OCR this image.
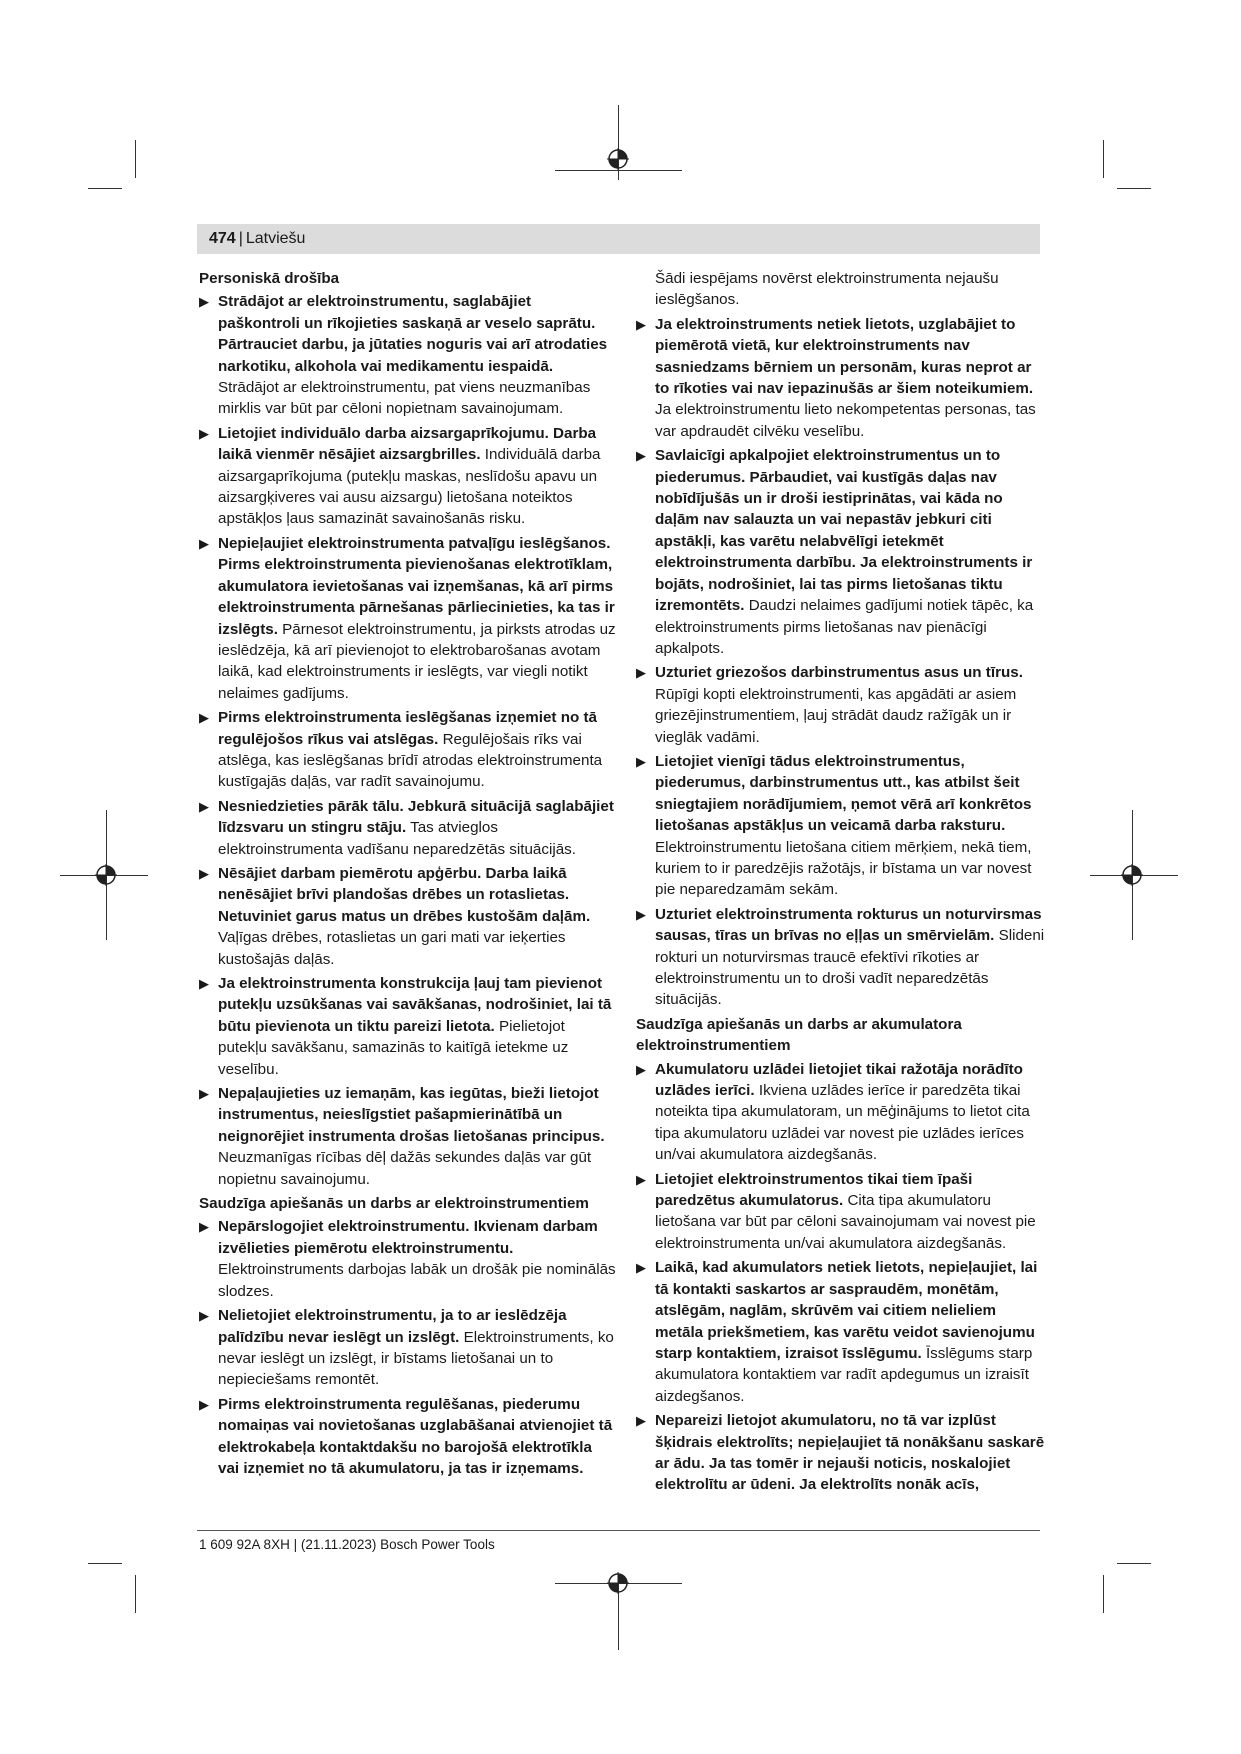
474 | Latviešu
Personiskā drošība
▶ Strādājot ar elektroinstrumentu, saglabājiet paškontroli un rīkojieties saskaņā ar veselo saprātu. Pārtrauciet darbu, ja jūtaties noguris vai arī atrodaties narkotiku, alkohola vai medikamentu iespaidā. Strādājot ar elektroinstrumentu, pat viens neuzmanības mirklis var būt par cēloni nopietnam savainojumam.
▶ Lietojiet individuālo darba aizsargaprīkojumu. Darba laikā vienmēr nēsājiet aizsargbrilles. Individuālā darba aizsargaprīkojuma (putekļu maskas, neslīdošu apavu un aizsargķiveres vai ausu aizsargu) lietošana noteiktos apstākļos ļaus samazināt savainošanās risku.
▶ Nepieļaujiet elektroinstrumenta patvaļīgu ieslēgšanos. Pirms elektroinstrumenta pievienošanas elektrotīklam, akumulatora ievietošanas vai izņemšanas, kā arī pirms elektroinstrumenta pārnešanas pārliecinieties, ka tas ir izslēgts. Pārnesot elektroinstrumentu, ja pirksts atrodas uz ieslēdzēja, kā arī pievienojot to elektrobarošanas avotam laikā, kad elektroinstruments ir ieslēgts, var viegli notikt nelaimes gadījums.
▶ Pirms elektroinstrumenta ieslēgšanas izņemiet no tā regulējošos rīkus vai atslēgas. Regulējošais rīks vai atslēga, kas ieslēgšanas brīdī atrodas elektroinstrumenta kustīgajās daļās, var radīt savainojumu.
▶ Nesniedzieties pārāk tālu. Jebkurā situācijā saglabājiet līdzsvaru un stingru stāju. Tas atvieglos elektroinstrumenta vadīšanu neparedzētās situācijās.
▶ Nēsājiet darbam piemērotu apģērbu. Darba laikā nenēsājiet brīvi plandošas drēbes un rotaslietas. Netuviniet garus matus un drēbes kustošām daļām. Vaļīgas drēbes, rotaslietas un gari mati var ieķerties kustošajās daļās.
▶ Ja elektroinstrumenta konstrukcija ļauj tam pievienot putekļu uzsūkšanas vai savākšanas, nodrošiniet, lai tā būtu pievienota un tiktu pareizi lietota. Pielietojot putekļu savākšanu, samazinās to kaitīgā ietekme uz veselību.
▶ Nepaļaujieties uz iemaņām, kas iegūtas, bieži lietojot instrumentus, neieslīgstiet pašapmierinātībā un neignorējiet instrumenta drošas lietošanas principus. Neuzmanīgas rīcības dēļ dažās sekundes daļās var gūt nopietnu savainojumu.
Saudzīga apiešanās un darbs ar elektroinstrumentiem
▶ Nepārslogojiet elektroinstrumentu. Ikvienam darbam izvēlieties piemērotu elektroinstrumentu. Elektroinstruments darbojas labāk un drošāk pie nominālās slodzes.
▶ Nelietojiet elektroinstrumentu, ja to ar ieslēdzēja palīdzību nevar ieslēgt un izslēgt. Elektroinstruments, ko nevar ieslēgt un izslēgt, ir bīstams lietošanai un to nepieciešams remontēt.
▶ Pirms elektroinstrumenta regulēšanas, piederumu nomaiņas vai novietošanas uzglabāšanai atvienojiet tā elektrokabeļa kontaktdakšu no barojošā elektrotīkla vai izņemiet no tā akumulatoru, ja tas ir izņemams.
Šādi iespējams novērst elektroinstrumenta nejaušu ieslēgšanos.
▶ Ja elektroinstruments netiek lietots, uzglabājiet to piemērotā vietā, kur elektroinstruments nav sasniedzams bērniem un personām, kuras neprot ar to rīkoties vai nav iepazinušās ar šiem noteikumiem. Ja elektroinstrumentu lieto nekompetentas personas, tas var apdraudēt cilvēku veselību.
▶ Savlaicīgi apkalpojiet elektroinstrumentus un to piederumus. Pārbaudiet, vai kustīgās daļas nav nobīdījušās un ir droši iestiprinātas, vai kāda no daļām nav salauzta un vai nepastāv jebkuri citi apstākļi, kas varētu nelabvēlīgi ietekmēt elektroinstrumenta darbību. Ja elektroinstruments ir bojāts, nodrošiniet, lai tas pirms lietošanas tiktu izremontēts. Daudzi nelaimes gadījumi notiek tāpēc, ka elektroinstruments pirms lietošanas nav pienācīgi apkalpots.
▶ Uzturiet griezošos darbinstrumentus asus un tīrus. Rūpīgi kopti elektroinstrumenti, kas apgādāti ar asiem griezējinstrumentiem, ļauj strādāt daudz ražīgāk un ir vieglāk vadāmi.
▶ Lietojiet vienīgi tādus elektroinstrumentus, piederumus, darbinstrumentus utt., kas atbilst šeit sniegtajiem norādījumiem, ņemot vērā arī konkrētos lietošanas apstākļus un veicamā darba raksturu. Elektroinstrumentu lietošana citiem mērķiem, nekā tiem, kuriem to ir paredzējis ražotājs, ir bīstama un var novest pie neparedzamām sekām.
▶ Uzturiet elektroinstrumenta rokturus un noturvirsmas sausas, tīras un brīvas no eļļas un smērvielām. Slideni rokturi un noturvirsmas traucē efektīvi rīkoties ar elektroinstrumentu un to droši vadīt neparedzētās situācijās.
Saudzīga apiešanās un darbs ar akumulatora elektroinstrumentiem
▶ Akumulatoru uzlādei lietojiet tikai ražotāja norādīto uzlādes ierīci. Ikviena uzlādes ierīce ir paredzēta tikai noteikta tipa akumulatoram, un mēģinājums to lietot cita tipa akumulatoru uzlādei var novest pie uzlādes ierīces un/vai akumulatora aizdegšanās.
▶ Lietojiet elektroinstrumentos tikai tiem īpaši paredzētus akumulatorus. Cita tipa akumulatoru lietošana var būt par cēloni savainojumam vai novest pie elektroinstrumenta un/vai akumulatora aizdegšanās.
▶ Laikā, kad akumulators netiek lietots, nepieļaujiet, lai tā kontakti saskartos ar saspraudēm, monētām, atslēgām, naglām, skrūvēm vai citiem nelieliem metāla priekšmetiem, kas varētu veidot savienojumu starp kontaktiem, izraisot īsslēgumu. Īsslēgums starp akumulatora kontaktiem var radīt apdegumus un izraisīt aizdegšanos.
▶ Nepareizi lietojot akumulatoru, no tā var izplūst šķidrais elektrolīts; nepieļaujiet tā nonākšanu saskarē ar ādu. Ja tas tomēr ir nejauši noticis, noskalojiet elektrolītu ar ūdeni. Ja elektrolīts nonāk acīs,
1 609 92A 8XH | (21.11.2023) Bosch Power Tools
